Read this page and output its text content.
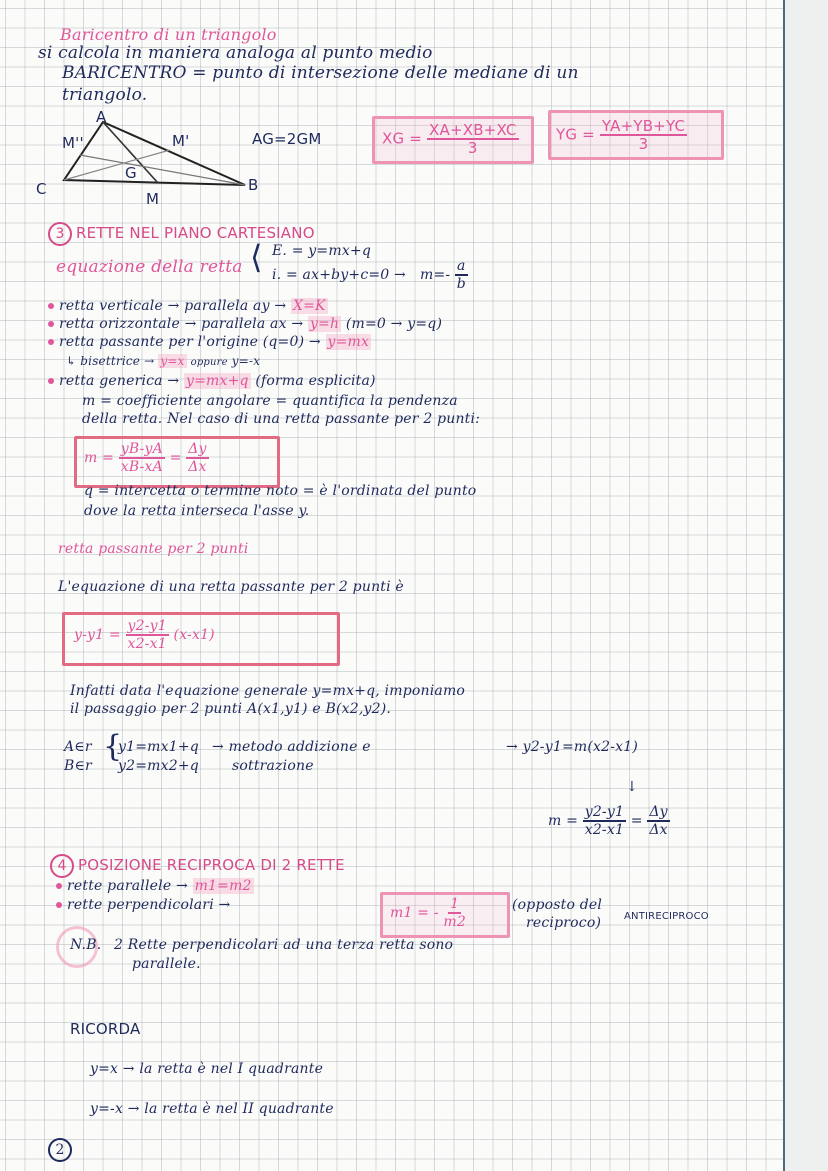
Baricentro di un triangolo
si calcola in maniera analoga al punto medio
BARICENTRO = punto di intersezione delle mediane di un
triangolo.
A
B
C
M
M'
M''
G
AG=2GM	XG = $\frac{XA+XB+XC}{3}$ YG = $\frac{YA+YB+YC}{3}$
3 RETTE NEL PIANO CARTESIANO
equazione della retta ⟨ E. = y=mx+q
i. = $ax+by+c=0 \to m=- \frac{a}{b}$
retta verticale → parallela ay → X=K
retta orizzontale → parallela ax → y=h (m=0 → y=q)
retta passante per l'origine (q=0) → y=mx
↳ bisettrice → y=x oppure y=-x
retta generica → y=mx+q (forma esplicita)
m = coefficiente angolare = quantifica la pendenza
della retta. Nel caso di una retta passante per 2 punti:
$m = \frac{yB-yA}{xB-xA} = \frac{\Delta y}{\Delta x}$
q = intercetta o termine noto = è l'ordinata del punto
dove la retta interseca l'asse y.
retta passante per 2 punti
L'equazione di una retta passante per 2 punti è
$y-y1 = \frac{y2-y1}{x2-x1} (x-x1)$
Infatti data l'equazione generale y=mx+q, imponiamo
il passaggio per 2 punti A(x1,y1) e B(x2,y2).
A∈r
B∈r
{
y1=mx1+q
y2=mx2+q
→ metodo addizione e
sottrazione
→ y2-y1=m(x2-x1)
↓
$m = \frac{y2-y1}{x2-x1} = \frac{\Delta y}{\Delta x}$
4 POSIZIONE RECIPROCA DI 2 RETTE
rette parallele → m1=m2
rette perpendicolari →	m1 = - $\frac{1}{m2}$	(opposto del
reciproco) ANTIRECIPROCO
N.B. 2 Rette perpendicolari ad una terza retta sono
parallele.
RICORDA
y=x → la retta è nel I quadrante
y=-x → la retta è nel II quadrante
2
